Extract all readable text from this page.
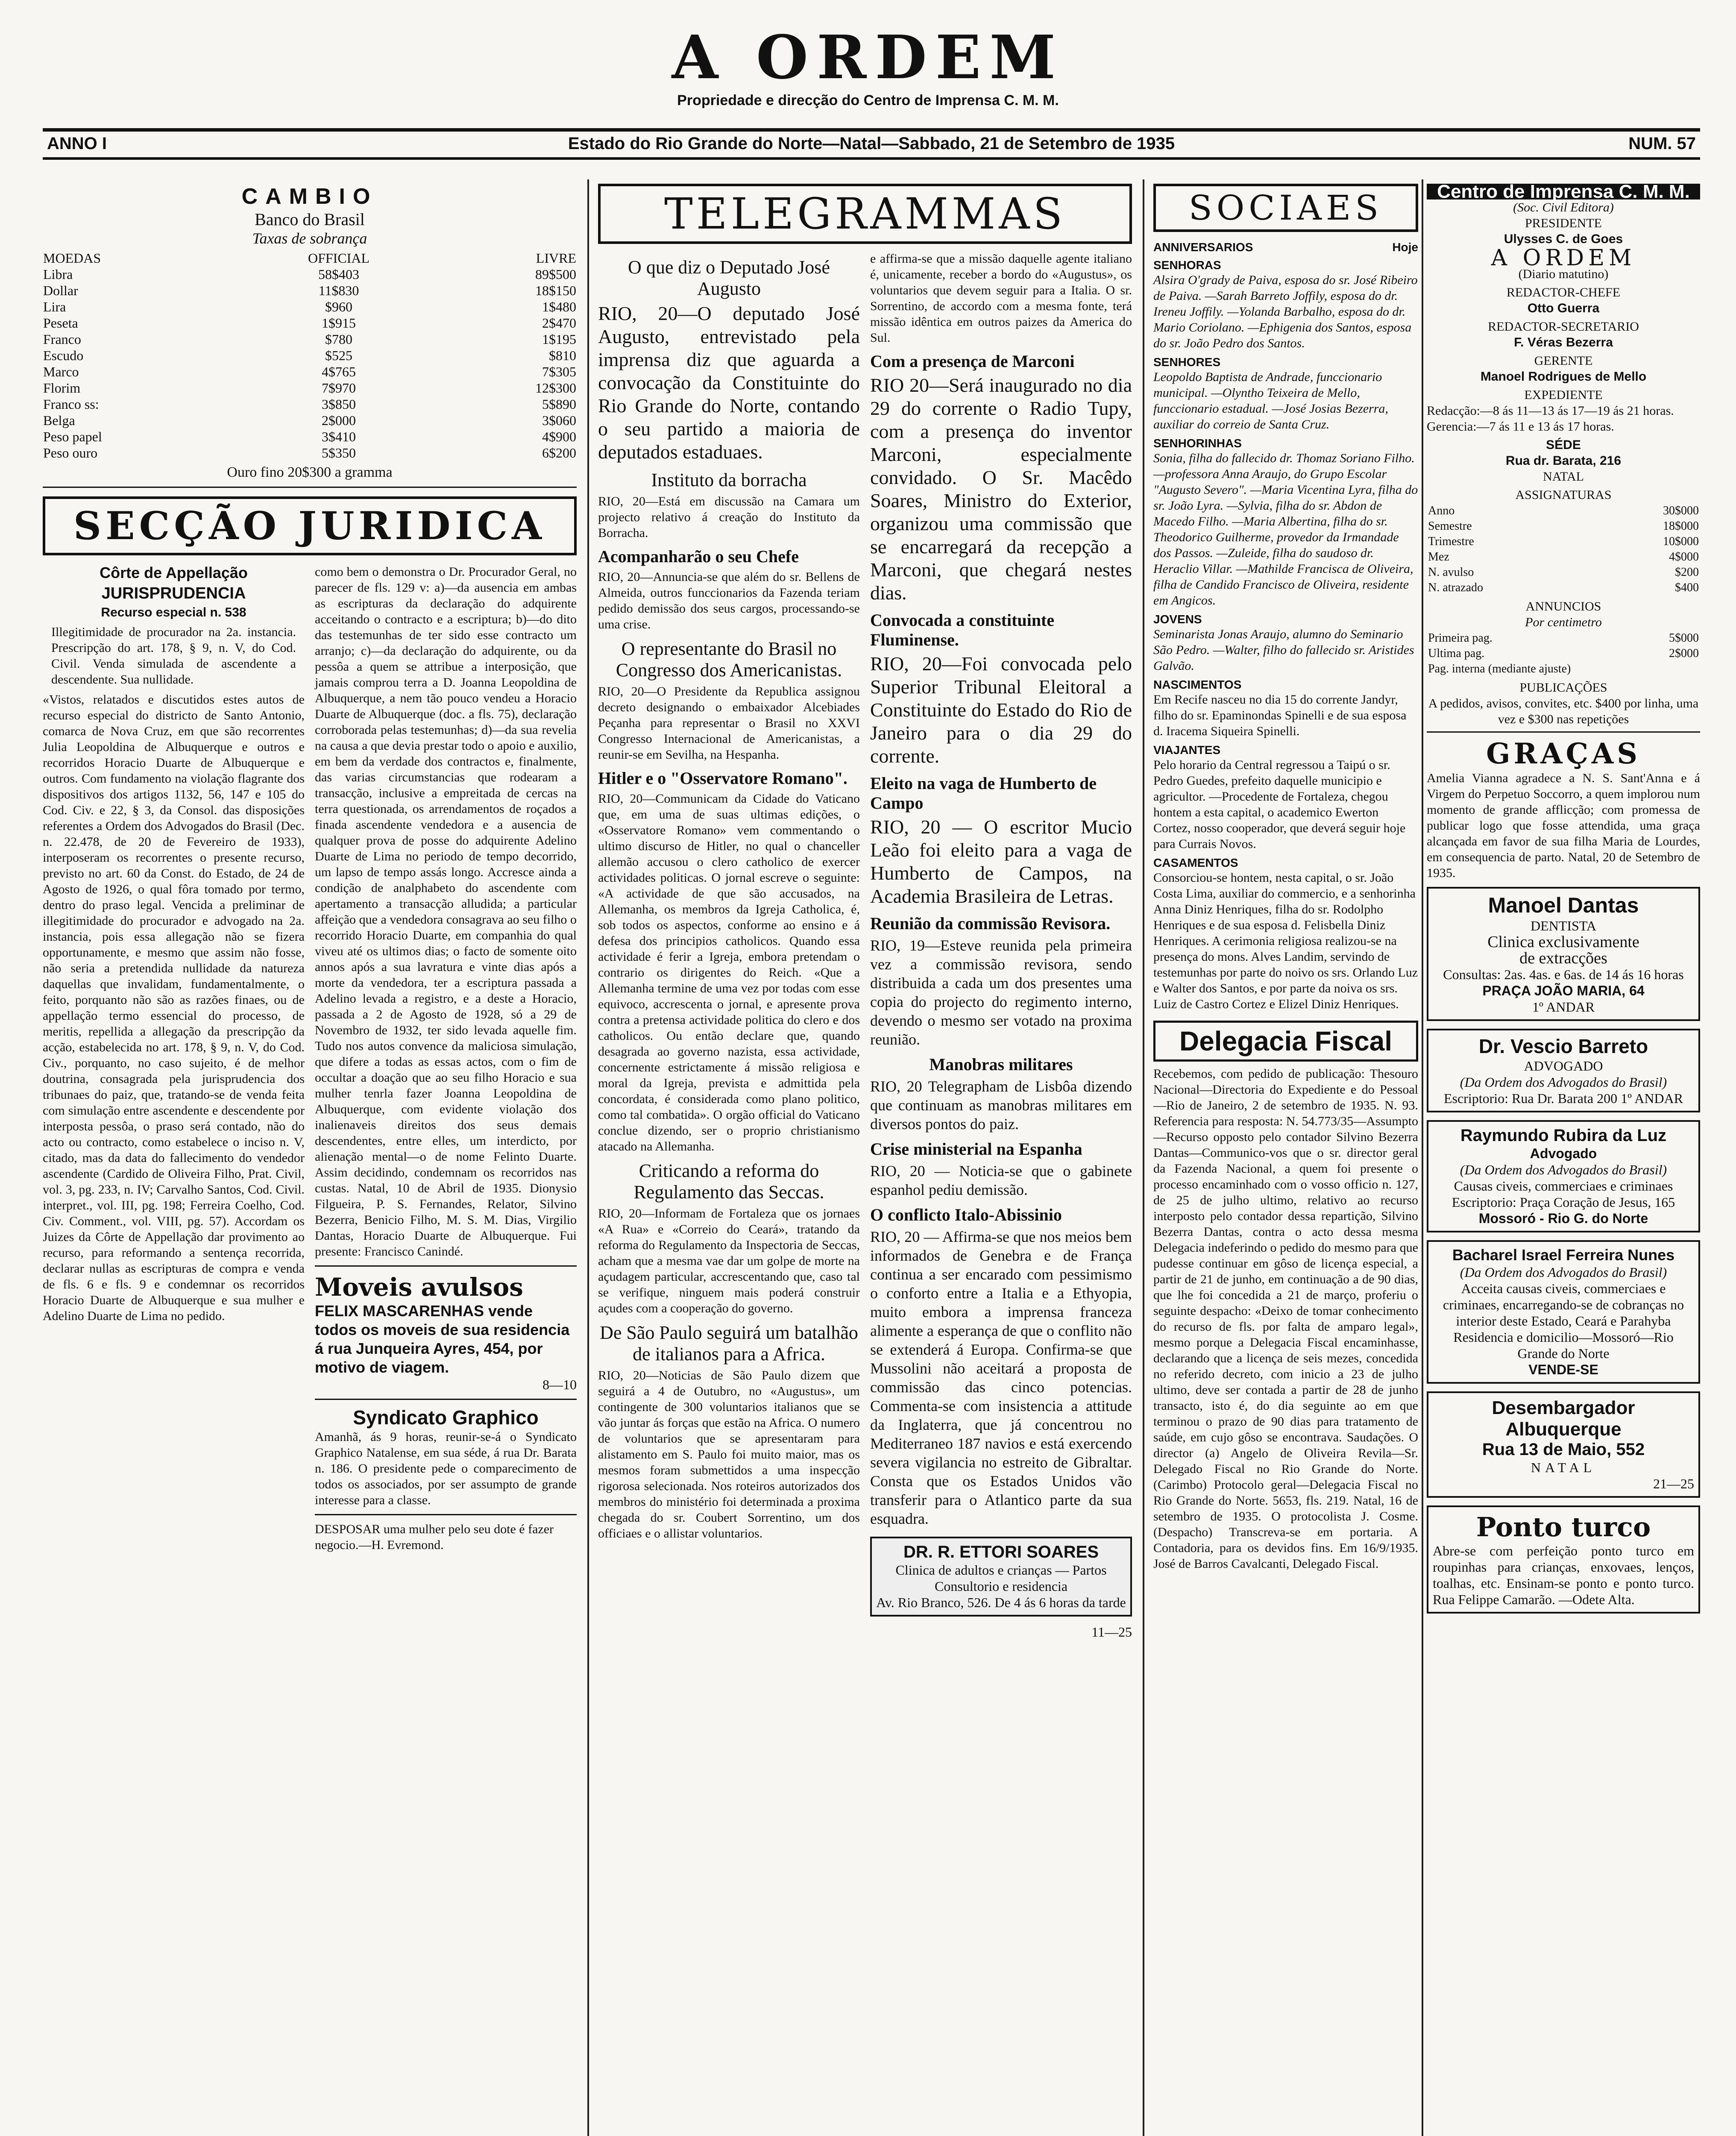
A ORDEM
Propriedade e direcção do Centro de Imprensa C. M. M.
ANNO I	Estado do Rio Grande do Norte—Natal—Sabbado, 21 de Setembro de 1935	NUM. 57
CAMBIO
Banco do Brasil
Taxas de sobrança
MOEDAS	OFFICIAL	LIVRE
Libra	58$403	89$500
Dollar	11$830	18$150
Lira	$960	1$480
Peseta	1$915	2$470
Franco	$780	1$195
Escudo	$525	$810
Marco	4$765	7$305
Florim	7$970	12$300
Franco ss:	3$850	5$890
Belga	2$000	3$060
Peso papel	3$410	4$900
Peso ouro	5$350	6$200
Ouro fino 20$300 a gramma
SECÇÃO JURIDICA
Côrte de Appellação
JURISPRUDENCIA
Recurso especial n. 538
Illegitimidade de procurador na 2a. instancia. Prescripção do art. 178, § 9, n. V, do Cod. Civil. Venda simulada de ascendente a descendente. Sua nullidade.
«Vistos, relatados e discutidos estes autos de recurso especial do districto de Santo Antonio, comarca de Nova Cruz, em que são recorrentes Julia Leopoldina de Albuquerque e outros e recorridos Horacio Duarte de Albuquerque e outros. Com fundamento na violação flagrante dos dispositivos dos artigos 1132, 56, 147 e 105 do Cod. Civ. e 22, § 3, da Consol. das disposições referentes a Ordem dos Advogados do Brasil (Dec. n. 22.478, de 20 de Fevereiro de 1933), interposeram os recorrentes o presente recurso, previsto no art. 60 da Const. do Estado, de 24 de Agosto de 1926, o qual fôra tomado por termo, dentro do praso legal. Vencida a preliminar de illegitimidade do procurador e advogado na 2a. instancia, pois essa allegação não se fizera opportunamente, e mesmo que assim não fosse, não seria a pretendida nullidade da natureza daquellas que invalidam, fundamentalmente, o feito, porquanto não são as razões finaes, ou de appellação termo essencial do processo, de meritis, repellida a allegação da prescripção da acção, estabelecida no art. 178, § 9, n. V, do Cod. Civ., porquanto, no caso sujeito, é de melhor doutrina, consagrada pela jurisprudencia dos tribunaes do paiz, que, tratando-se de venda feita com simulação entre ascendente e descendente por interposta pessôa, o praso será contado, não do acto ou contracto, como estabelece o inciso n. V, citado, mas da data do fallecimento do vendedor ascendente (Cardido de Oliveira Filho, Prat. Civil, vol. 3, pg. 233, n. IV; Carvalho Santos, Cod. Civil. interpret., vol. III, pg. 198; Ferreira Coelho, Cod. Civ. Comment., vol. VIII, pg. 57). Accordam os Juizes da Côrte de Appellação dar provimento ao recurso, para reformando a sentença recorrida, declarar nullas as escripturas de compra e venda de fls. 6 e fls. 9 e condemnar os recorridos Horacio Duarte de Albuquerque e sua mulher e Adelino Duarte de Lima no pedido.
como bem o demonstra o Dr. Procurador Geral, no parecer de fls. 129 v: a)—da ausencia em ambas as escripturas da declaração do adquirente acceitando o contracto e a escriptura; b)—do dito das testemunhas de ter sido esse contracto um arranjo; c)—da declaração do adquirente, ou da pessôa a quem se attribue a interposição, que jamais comprou terra a D. Joanna Leopoldina de Albuquerque, a nem tão pouco vendeu a Horacio Duarte de Albuquerque (doc. a fls. 75), declaração corroborada pelas testemunhas; d)—da sua revelia na causa a que devia prestar todo o apoio e auxilio, em bem da verdade dos contractos e, finalmente, das varias circumstancias que rodearam a transacção, inclusive a empreitada de cercas na terra questionada, os arrendamentos de roçados a finada ascendente vendedora e a ausencia de qualquer prova de posse do adquirente Adelino Duarte de Lima no periodo de tempo decorrido, um lapso de tempo assás longo. Accresce ainda a condição de analphabeto do ascendente com apertamento a transacção alludida; a particular affeição que a vendedora consagrava ao seu filho o recorrido Horacio Duarte, em companhia do qual viveu até os ultimos dias; o facto de somente oito annos após a sua lavratura e vinte dias após a morte da vendedora, ter a escriptura passada a Adelino levada a registro, e a deste a Horacio, passada a 2 de Agosto de 1928, só a 29 de Novembro de 1932, ter sido levada aquelle fim. Tudo nos autos convence da maliciosa simulação, que difere a todas as essas actos, com o fim de occultar a doação que ao seu filho Horacio e sua mulher tenrla fazer Joanna Leopoldina de Albuquerque, com evidente violação dos inalienaveis direitos dos seus demais descendentes, entre elles, um interdicto, por alienação mental—o de nome Felinto Duarte. Assim decidindo, condemnam os recorridos nas custas. Natal, 10 de Abril de 1935. Dionysio Filgueira, P. S. Fernandes, Relator, Silvino Bezerra, Benicio Filho, M. S. M. Dias, Virgilio Dantas, Horacio Duarte de Albuquerque. Fui presente: Francisco Canindé.
Moveis avulsos
FELIX MASCARENHAS vende todos os moveis de sua residencia á rua Junqueira Ayres, 454, por motivo de viagem.
8—10
Syndicato Graphico
Amanhã, ás 9 horas, reunir-se-á o Syndicato Graphico Natalense, em sua séde, á rua Dr. Barata n. 186. O presidente pede o comparecimento de todos os associados, por ser assumpto de grande interesse para a classe.
DESPOSAR uma mulher pelo seu dote é fazer negocio.—H. Evremond.
TELEGRAMMAS
O que diz o Deputado José Augusto
RIO, 20—O deputado José Augusto, entrevistado pela imprensa diz que aguarda a convocação da Constituinte do Rio Grande do Norte, contando o seu partido a maioria de deputados estaduaes.
Instituto da borracha
RIO, 20—Está em discussão na Camara um projecto relativo á creação do Instituto da Borracha.
Acompanharão o seu Chefe
RIO, 20—Annuncia-se que além do sr. Bellens de Almeida, outros funccionarios da Fazenda teriam pedido demissão dos seus cargos, processando-se uma crise.
O representante do Brasil no Congresso dos Americanistas.
RIO, 20—O Presidente da Republica assignou decreto designando o embaixador Alcebiades Peçanha para representar o Brasil no XXVI Congresso Internacional de Americanistas, a reunir-se em Sevilha, na Hespanha.
Hitler e o "Osservatore Romano".
RIO, 20—Communicam da Cidade do Vaticano que, em uma de suas ultimas edições, o «Osservatore Romano» vem commentando o ultimo discurso de Hitler, no qual o chanceller allemão accusou o clero catholico de exercer actividades politicas. O jornal escreve o seguinte: «A actividade de que são accusados, na Allemanha, os membros da Igreja Catholica, é, sob todos os aspectos, conforme ao ensino e á defesa dos principios catholicos. Quando essa actividade é ferir a Igreja, embora pretendam o contrario os dirigentes do Reich. «Que a Allemanha termine de uma vez por todas com esse equivoco, accrescenta o jornal, e apresente prova contra a pretensa actividade politica do clero e dos catholicos. Ou então declare que, quando desagrada ao governo nazista, essa actividade, concernente estrictamente á missão religiosa e moral da Igreja, prevista e admittida pela concordata, é considerada como plano politico, como tal combatida». O orgão official do Vaticano conclue dizendo, ser o proprio christianismo atacado na Allemanha.
Criticando a reforma do Regulamento das Seccas.
RIO, 20—Informam de Fortaleza que os jornaes «A Rua» e «Correio do Ceará», tratando da reforma do Regulamento da Inspectoria de Seccas, acham que a mesma vae dar um golpe de morte na açudagem particular, accrescentando que, caso tal se verifique, ninguem mais poderá construir açudes com a cooperação do governo.
De São Paulo seguirá um batalhão de italianos para a Africa.
RIO, 20—Noticias de São Paulo dizem que seguirá a 4 de Outubro, no «Augustus», um contingente de 300 voluntarios italianos que se vão juntar ás forças que estão na Africa. O numero de voluntarios que se apresentaram para alistamento em S. Paulo foi muito maior, mas os mesmos foram submettidos a uma inspecção rigorosa selecionada. Nos roteiros autorizados dos membros do ministério foi determinada a proxima chegada do sr. Coubert Sorrentino, um dos officiaes e o allistar voluntarios.
e affirma-se que a missão daquelle agente italiano é, unicamente, receber a bordo do «Augustus», os voluntarios que devem seguir para a Italia. O sr. Sorrentino, de accordo com a mesma fonte, terá missão idêntica em outros paizes da America do Sul.
Com a presença de Marconi
RIO 20—Será inaugurado no dia 29 do corrente o Radio Tupy, com a presença do inventor Marconi, especialmente convidado. O Sr. Macêdo Soares, Ministro do Exterior, organizou uma commissão que se encarregará da recepção a Marconi, que chegará nestes dias.
Convocada a constituinte Fluminense.
RIO, 20—Foi convocada pelo Superior Tribunal Eleitoral a Constituinte do Estado do Rio de Janeiro para o dia 29 do corrente.
Eleito na vaga de Humberto de Campo
RIO, 20 — O escritor Mucio Leão foi eleito para a vaga de Humberto de Campos, na Academia Brasileira de Letras.
Reunião da commissão Revisora.
RIO, 19—Esteve reunida pela primeira vez a commissão revisora, sendo distribuida a cada um dos presentes uma copia do projecto do regimento interno, devendo o mesmo ser votado na proxima reunião.
Manobras militares
RIO, 20 Telegrapham de Lisbôa dizendo que continuam as manobras militares em diversos pontos do paiz.
Crise ministerial na Espanha
RIO, 20 — Noticia-se que o gabinete espanhol pediu demissão.
O conflicto Italo-Abissinio
RIO, 20 — Affirma-se que nos meios bem informados de Genebra e de França continua a ser encarado com pessimismo o conforto entre a Italia e a Ethyopia, muito embora a imprensa franceza alimente a esperança de que o conflito não se extenderá á Europa. Confirma-se que Mussolini não aceitará a proposta de commissão das cinco potencias. Commenta-se com insistencia a attitude da Inglaterra, que já concentrou no Mediterraneo 187 navios e está exercendo severa vigilancia no estreito de Gibraltar. Consta que os Estados Unidos vão transferir para o Atlantico parte da sua esquadra.
DR. R. ETTORI SOARES
Clinica de adultos e crianças — Partos
Consultorio e residencia
Av. Rio Branco, 526. De 4 ás 6 horas da tarde
11—25
SOCIAES
ANNIVERSARIOS	Hoje
SENHORAS
Alsira O'grady de Paiva, esposa do sr. José Ribeiro de Paiva. —Sarah Barreto Joffily, esposa do dr. Ireneu Joffily. —Yolanda Barbalho, esposa do dr. Mario Coriolano. —Ephigenia dos Santos, esposa do sr. João Pedro dos Santos.
SENHORES
Leopoldo Baptista de Andrade, funccionario municipal. —Olyntho Teixeira de Mello, funccionario estadual. —José Josias Bezerra, auxiliar do correio de Santa Cruz.
SENHORINHAS
Sonia, filha do fallecido dr. Thomaz Soriano Filho. —professora Anna Araujo, do Grupo Escolar "Augusto Severo". —Maria Vicentina Lyra, filha do sr. João Lyra. —Sylvia, filha do sr. Abdon de Macedo Filho. —Maria Albertina, filha do sr. Theodorico Guilherme, provedor da Irmandade dos Passos. —Zuleide, filha do saudoso dr. Heraclio Villar. —Mathilde Francisca de Oliveira, filha de Candido Francisco de Oliveira, residente em Angicos.
JOVENS
Seminarista Jonas Araujo, alumno do Seminario São Pedro. —Walter, filho do fallecido sr. Aristides Galvão.
NASCIMENTOS
Em Recife nasceu no dia 15 do corrente Jandyr, filho do sr. Epaminondas Spinelli e de sua esposa d. Iracema Siqueira Spinelli.
VIAJANTES
Pelo horario da Central regressou a Taipú o sr. Pedro Guedes, prefeito daquelle municipio e agricultor. —Procedente de Fortaleza, chegou hontem a esta capital, o academico Ewerton Cortez, nosso cooperador, que deverá seguir hoje para Currais Novos.
CASAMENTOS
Consorciou-se hontem, nesta capital, o sr. João Costa Lima, auxiliar do commercio, e a senhorinha Anna Diniz Henriques, filha do sr. Rodolpho Henriques e de sua esposa d. Felisbella Diniz Henriques. A cerimonia religiosa realizou-se na presença do mons. Alves Landim, servindo de testemunhas por parte do noivo os srs. Orlando Luz e Walter dos Santos, e por parte da noiva os srs. Luiz de Castro Cortez e Elizel Diniz Henriques.
Delegacia Fiscal
Recebemos, com pedido de publicação: Thesouro Nacional—Directoria do Expediente e do Pessoal—Rio de Janeiro, 2 de setembro de 1935. N. 93. Referencia para resposta: N. 54.773/35—Assumpto—Recurso opposto pelo contador Silvino Bezerra Dantas—Communico-vos que o sr. director geral da Fazenda Nacional, a quem foi presente o processo encaminhado com o vosso officio n. 127, de 25 de julho ultimo, relativo ao recurso interposto pelo contador dessa repartição, Silvino Bezerra Dantas, contra o acto dessa mesma Delegacia indeferindo o pedido do mesmo para que pudesse continuar em gôso de licença especial, a partir de 21 de junho, em continuação a de 90 dias, que lhe foi concedida a 21 de março, proferiu o seguinte despacho: «Deixo de tomar conhecimento do recurso de fls. por falta de amparo legal», mesmo porque a Delegacia Fiscal encaminhasse, declarando que a licença de seis mezes, concedida no referido decreto, com inicio a 23 de julho ultimo, deve ser contada a partir de 28 de junho transacto, isto é, do dia seguinte ao em que terminou o prazo de 90 dias para tratamento de saúde, em cujo gôso se encontrava. Saudações. O director (a) Angelo de Oliveira Revila—Sr. Delegado Fiscal no Rio Grande do Norte. (Carimbo) Protocolo geral—Delegacia Fiscal no Rio Grande do Norte. 5653, fls. 219. Natal, 16 de setembro de 1935. O protocolista J. Cosme. (Despacho) Transcreva-se em portaria. A Contadoria, para os devidos fins. Em 16/9/1935. José de Barros Cavalcanti, Delegado Fiscal.
Centro de Imprensa C. M. M.
(Soc. Civil Editora)
PRESIDENTE
Ulysses C. de Goes
A ORDEM
(Diario matutino)
REDACTOR-CHEFE
Otto Guerra
REDACTOR-SECRETARIO
F. Véras Bezerra
GERENTE
Manoel Rodrigues de Mello
EXPEDIENTE
Redacção:—8 ás 11—13 ás 17—19 ás 21 horas. Gerencia:—7 ás 11 e 13 ás 17 horas.
SÉDE
Rua dr. Barata, 216
NATAL
ASSIGNATURAS
Anno	30$000
Semestre	18$000
Trimestre	10$000
Mez	4$000
N. avulso	$200
N. atrazado	$400
ANNUNCIOS
Por centimetro
Primeira pag.	5$000
Ultima pag.	2$000
Pag. interna (mediante ajuste)	
PUBLICAÇÕES
A pedidos, avisos, convites, etc. $400 por linha, uma vez e $300 nas repetições
GRAÇAS
Amelia Vianna agradece a N. S. Sant'Anna e á Virgem do Perpetuo Soccorro, a quem implorou num momento de grande afflicção; com promessa de publicar logo que fosse attendida, uma graça alcançada em favor de sua filha Maria de Lourdes, em consequencia de parto. Natal, 20 de Setembro de 1935.
Manoel Dantas
DENTISTA
Clinica exclusivamente
de extracções
Consultas: 2as. 4as. e 6as. de 14 ás 16 horas
PRAÇA JOÃO MARIA, 64
1º ANDAR
Dr. Vescio Barreto
ADVOGADO
(Da Ordem dos Advogados do Brasil)
Escriptorio: Rua Dr. Barata 200 1º ANDAR
Raymundo Rubira da Luz
Advogado
(Da Ordem dos Advogados do Brasil)
Causas civeis, commerciaes e criminaes
Escriptorio: Praça Coração de Jesus, 165
Mossoró - Rio G. do Norte
Bacharel Israel Ferreira Nunes
(Da Ordem dos Advogados do Brasil)
Acceita causas civeis, commerciaes e criminaes, encarregando-se de cobranças no interior deste Estado, Ceará e Parahyba
Residencia e domicilio—Mossoró—Rio Grande do Norte
VENDE-SE
Desembargador Albuquerque
Rua 13 de Maio, 552
NATAL
21—25
Ponto turco
Abre-se com perfeição ponto turco em roupinhas para crianças, enxovaes, lenços, toalhas, etc. Ensinam-se ponto e ponto turco. Rua Felippe Camarão. —Odete Alta.
